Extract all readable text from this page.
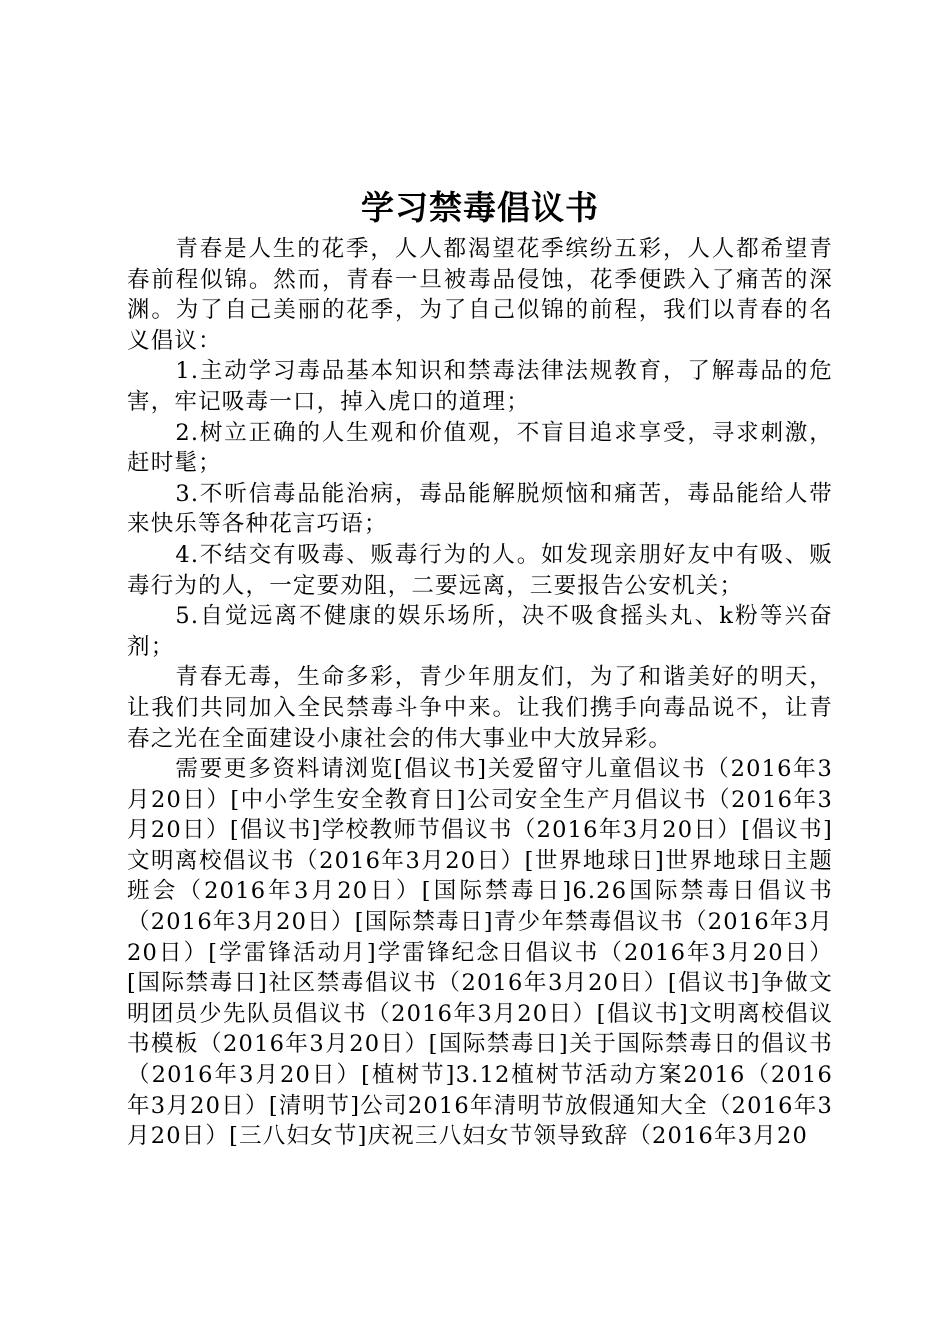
学习禁毒倡议书

青春是人生的花季，人人都渴望花季缤纷五彩，人人都希望青春前程似锦。然而，青春一旦被毒品侵蚀，花季便跌入了痛苦的深渊。为了自己美丽的花季，为了自己似锦的前程，我们以青春的名义倡议：

1.主动学习毒品基本知识和禁毒法律法规教育，了解毒品的危害，牢记吸毒一口，掉入虎口的道理；

2.树立正确的人生观和价值观，不盲目追求享受，寻求刺激，赶时髦；

3.不听信毒品能治病，毒品能解脱烦恼和痛苦，毒品能给人带来快乐等各种花言巧语；

4.不结交有吸毒、贩毒行为的人。如发现亲朋好友中有吸、贩毒行为的人，一定要劝阻，二要远离，三要报告公安机关；

5.自觉远离不健康的娱乐场所，决不吸食摇头丸、k粉等兴奋剂；

青春无毒，生命多彩，青少年朋友们，为了和谐美好的明天，让我们共同加入全民禁毒斗争中来。让我们携手向毒品说不，让青春之光在全面建设小康社会的伟大事业中大放异彩。

需要更多资料请浏览[倡议书]关爱留守儿童倡议书（2016年3月20日）[中小学生安全教育日]公司安全生产月倡议书（2016年3月20日）[倡议书]学校教师节倡议书（2016年3月20日）[倡议书]文明离校倡议书（2016年3月20日）[世界地球日]世界地球日主题班会（2016年3月20日）[国际禁毒日]6.26国际禁毒日倡议书（2016年3月20日）[国际禁毒日]青少年禁毒倡议书（2016年3月20日）[学雷锋活动月]学雷锋纪念日倡议书（2016年3月20日）[国际禁毒日]社区禁毒倡议书（2016年3月20日）[倡议书]争做文明团员少先队员倡议书（2016年3月20日）[倡议书]文明离校倡议书模板（2016年3月20日）[国际禁毒日]关于国际禁毒日的倡议书（2016年3月20日）[植树节]3.12植树节活动方案2016（2016年3月20日）[清明节]公司2016年清明节放假通知大全（2016年3月20日）[三八妇女节]庆祝三八妇女节领导致辞（2016年3月20
